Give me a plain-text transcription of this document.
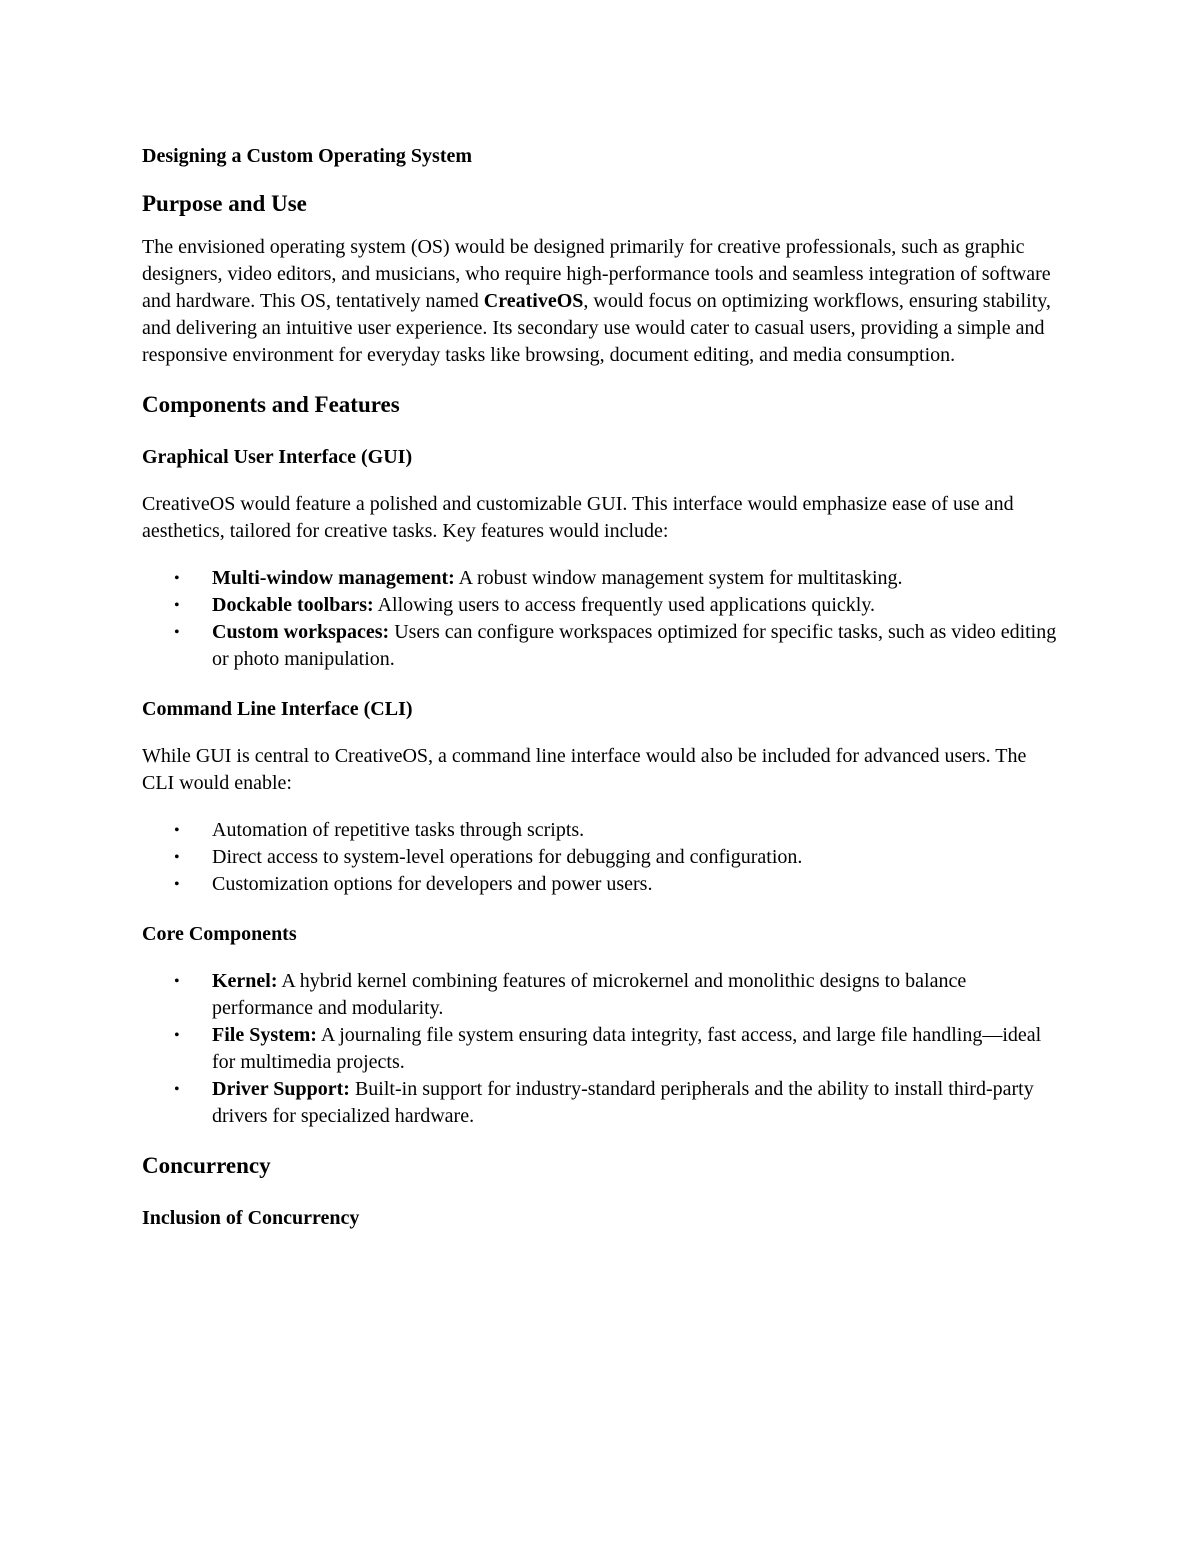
Designing a Custom Operating System
Purpose and Use

The envisioned operating system (OS) would be designed primarily for creative professionals, such as graphic designers, video editors, and musicians, who require high-performance tools and seamless integration of software and hardware. This OS, tentatively named CreativeOS, would focus on optimizing workflows, ensuring stability, and delivering an intuitive user experience. Its secondary use would cater to casual users, providing a simple and responsive environment for everyday tasks like browsing, document editing, and media consumption.

Components and Features
Graphical User Interface (GUI)

CreativeOS would feature a polished and customizable GUI. This interface would emphasize ease of use and aesthetics, tailored for creative tasks. Key features would include:

• Multi-window management: A robust window management system for multitasking.
• Dockable toolbars: Allowing users to access frequently used applications quickly.
• Custom workspaces: Users can configure workspaces optimized for specific tasks, such as video editing or photo manipulation.
Command Line Interface (CLI)

While GUI is central to CreativeOS, a command line interface would also be included for advanced users. The CLI would enable:

• Automation of repetitive tasks through scripts.
• Direct access to system-level operations for debugging and configuration.
• Customization options for developers and power users.
Core Components
• Kernel: A hybrid kernel combining features of microkernel and monolithic designs to balance performance and modularity.
• File System: A journaling file system ensuring data integrity, fast access, and large file handling—ideal for multimedia projects.
• Driver Support: Built-in support for industry-standard peripherals and the ability to install third-party drivers for specialized hardware.
Concurrency
Inclusion of Concurrency
